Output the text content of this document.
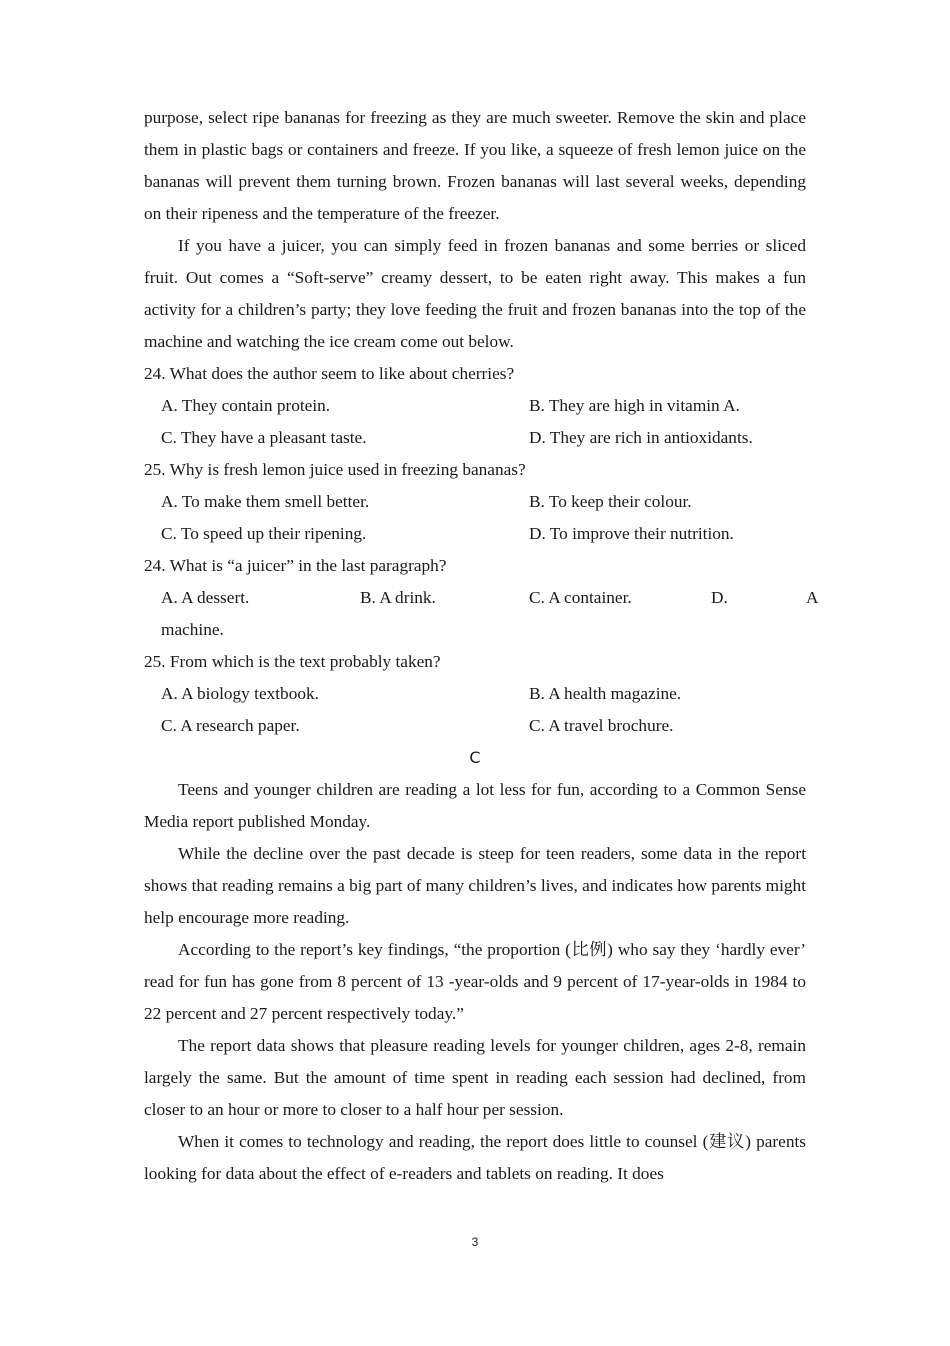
purpose, select ripe bananas for freezing as they are much sweeter. Remove the skin and place them in plastic bags or containers and freeze. If you like, a squeeze of fresh lemon juice on the bananas will prevent them turning brown. Frozen bananas will last several weeks, depending on their ripeness and the temperature of the freezer.

If you have a juicer, you can simply feed in frozen bananas and some berries or sliced fruit. Out comes a “Soft-serve” creamy dessert, to be eaten right away. This makes a fun activity for a children’s party; they love feeding the fruit and frozen bananas into the top of the machine and watching the ice cream come out below.

24. What does the author seem to like about cherries?

A. They contain protein.	B. They are high in vitamin A.
C. They have a pleasant taste.	D. They are rich in antioxidants.

25. Why is fresh lemon juice used in freezing bananas?

A. To make them smell better.	B. To keep their colour.
C. To speed up their ripening.	D. To improve their nutrition.

24. What is “a juicer” in the last paragraph?

A. A dessert.	B. A drink.	C. A container.	D.	A

machine.

25. From which is the text probably taken?

A. A biology textbook.	B. A health magazine.
C. A research paper.	C. A travel brochure.

C

Teens and younger children are reading a lot less for fun, according to a Common Sense Media report published Monday.

While the decline over the past decade is steep for teen readers, some data in the report shows that reading remains a big part of many children’s lives, and indicates how parents might help encourage more reading.

According to the report’s key findings, “the proportion (比例) who say they ‘hardly ever’ read for fun has gone from 8 percent of 13 -year-olds and 9 percent of 17-year-olds in 1984 to 22 percent and 27 percent respectively today.”

The report data shows that pleasure reading levels for younger children, ages 2-8, remain largely the same. But the amount of time spent in reading each session had declined, from closer to an hour or more to closer to a half hour per session.

When it comes to technology and reading, the report does little to counsel (建议) parents looking for data about the effect of e-readers and tablets on reading. It does

3
